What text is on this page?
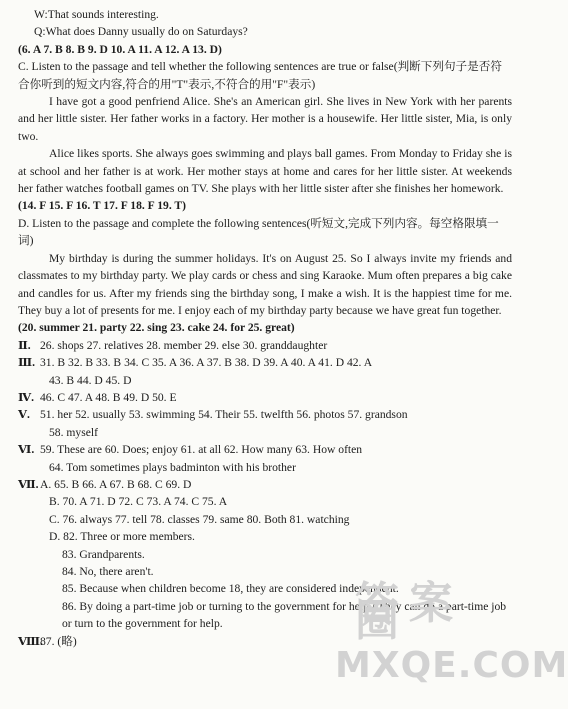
W:That sounds interesting.
Q:What does Danny usually do on Saturdays?
(6. A 7. B 8. B 9. D 10. A 11. A 12. A 13. D)
C. Listen to the passage and tell whether the following sentences are true or false(判断下列句子是否符合你听到的短文内容,符合的用"T"表示,不符合的用"F"表示)
I have got a good penfriend Alice. She's an American girl. She lives in New York with her parents and her little sister. Her father works in a factory. Her mother is a housewife. Her little sister, Mia, is only two.
Alice likes sports. She always goes swimming and plays ball games. From Monday to Friday she is at school and her father is at work. Her mother stays at home and cares for her little sister. At weekends her father watches football games on TV. She plays with her little sister after she finishes her homework.
(14. F 15. F 16. T 17. F 18. F 19. T)
D. Listen to the passage and complete the following sentences(听短文,完成下列内容。每空格限填一词)
My birthday is during the summer holidays. It's on August 25. So I always invite my friends and classmates to my birthday party. We play cards or chess and sing Karaoke. Mum often prepares a big cake and candles for us. After my friends sing the birthday song, I make a wish. It is the happiest time for me. They buy a lot of presents for me. I enjoy each of my birthday party because we have great fun together.
(20. summer 21. party 22. sing 23. cake 24. for 25. great)
Ⅱ. 26. shops 27. relatives 28. member 29. else 30. granddaughter
Ⅲ. 31. B 32. B 33. B 34. C 35. A 36. A 37. B 38. D 39. A 40. A 41. D 42. A
43. B 44. D 45. D
Ⅳ. 46. C 47. A 48. B 49. D 50. E
Ⅴ. 51. her 52. usually 53. swimming 54. Their 55. twelfth 56. photos 57. grandson
58. myself
Ⅵ. 59. These are 60. Does; enjoy 61. at all 62. How many 63. How often
64. Tom sometimes plays badminton with his brother
Ⅶ.A. 65. B 66. A 67. B 68. C 69. D
B. 70. A 71. D 72. C 73. A 74. C 75. A
C. 76. always 77. tell 78. classes 79. same 80. Both 81. watching
D. 82. Three or more members.
83. Grandparents.
84. No, there aren't.
85. Because when children become 18, they are considered independent.
86. By doing a part-time job or turning to the government for help./ They can do a part-time job or turn to the government for help.
Ⅷ.87. (略)
答案圈
MXQE.COM
